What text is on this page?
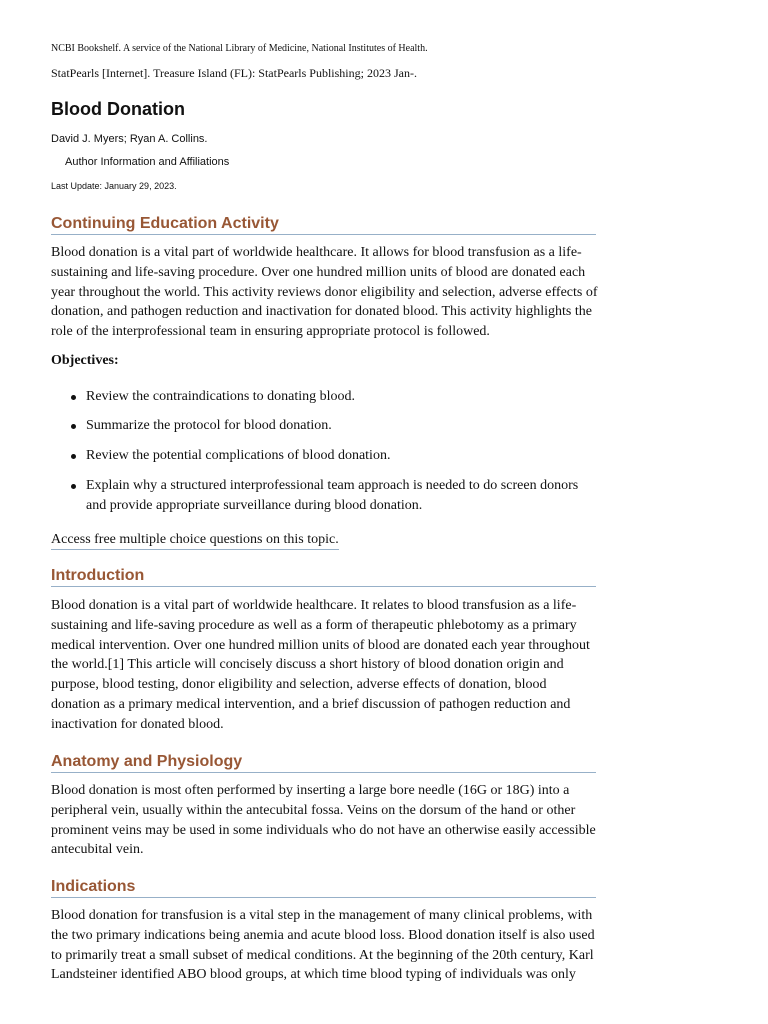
NCBI Bookshelf. A service of the National Library of Medicine, National Institutes of Health.
StatPearls [Internet]. Treasure Island (FL): StatPearls Publishing; 2023 Jan-.
Blood Donation
David J. Myers; Ryan A. Collins.
Author Information and Affiliations
Last Update: January 29, 2023.
Continuing Education Activity

Blood donation is a vital part of worldwide healthcare. It allows for blood transfusion as a life-
sustaining and life-saving procedure. Over one hundred million units of blood are donated each
year throughout the world. This activity reviews donor eligibility and selection, adverse effects of
donation, and pathogen reduction and inactivation for donated blood. This activity highlights the
role of the interprofessional team in ensuring appropriate protocol is followed.

Objectives:
Review the contraindications to donating blood.
Summarize the protocol for blood donation.
Review the potential complications of blood donation.
Explain why a structured interprofessional team approach is needed to do screen donors
and provide appropriate surveillance during blood donation.
Access free multiple choice questions on this topic.
Introduction

Blood donation is a vital part of worldwide healthcare. It relates to blood transfusion as a life-
sustaining and life-saving procedure as well as a form of therapeutic phlebotomy as a primary
medical intervention. Over one hundred million units of blood are donated each year throughout
the world.[1] This article will concisely discuss a short history of blood donation origin and
purpose, blood testing, donor eligibility and selection, adverse effects of donation, blood
donation as a primary medical intervention, and a brief discussion of pathogen reduction and
inactivation for donated blood.

Anatomy and Physiology

Blood donation is most often performed by inserting a large bore needle (16G or 18G) into a
peripheral vein, usually within the antecubital fossa. Veins on the dorsum of the hand or other
prominent veins may be used in some individuals who do not have an otherwise easily accessible
antecubital vein.

Indications

Blood donation for transfusion is a vital step in the management of many clinical problems, with
the two primary indications being anemia and acute blood loss. Blood donation itself is also used
to primarily treat a small subset of medical conditions. At the beginning of the 20th century, Karl
Landsteiner identified ABO blood groups, at which time blood typing of individuals was only
